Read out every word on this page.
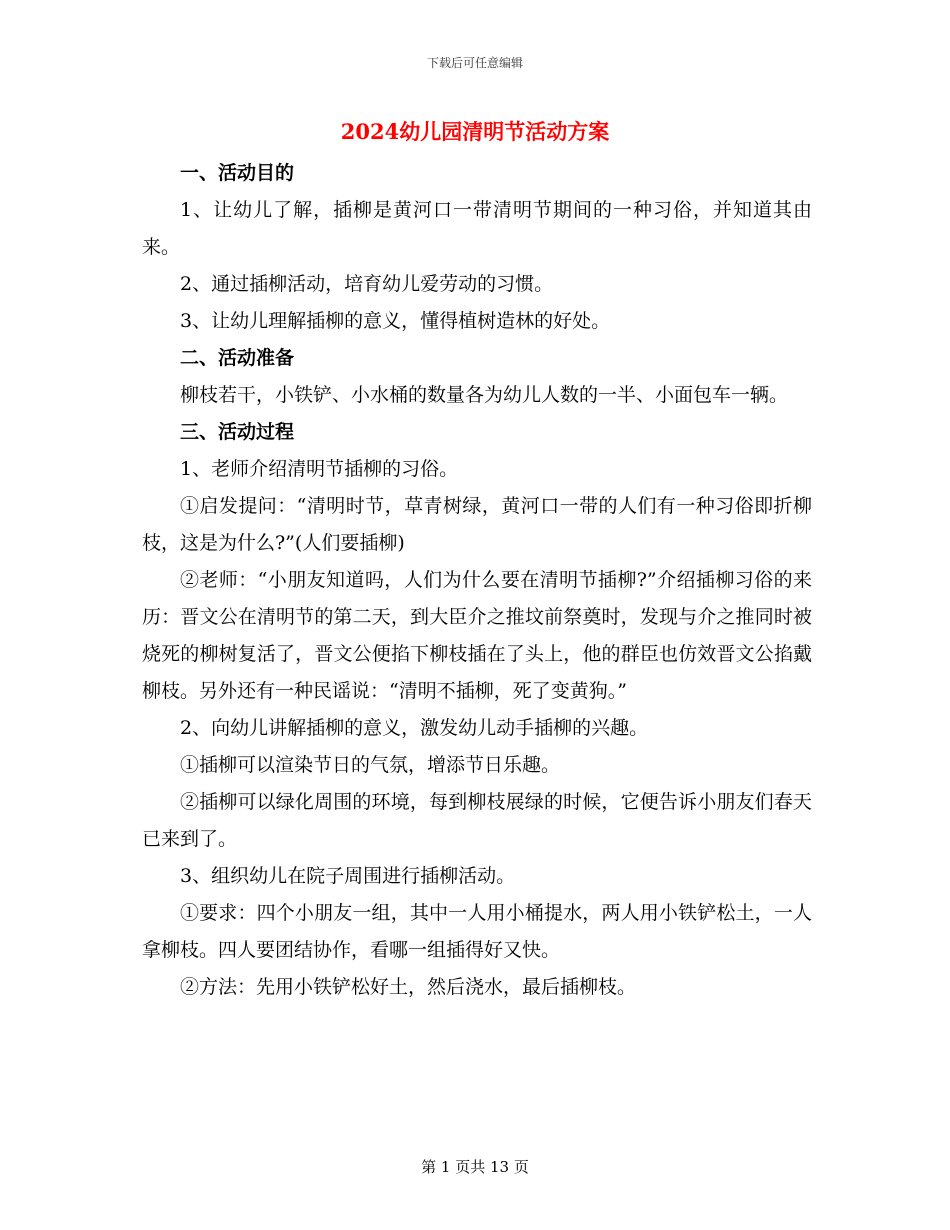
下载后可任意编辑
2024幼儿园清明节活动方案

一、活动目的

1、让幼儿了解，插柳是黄河口一带清明节期间的一种习俗，并知道其由来。

2、通过插柳活动，培育幼儿爱劳动的习惯。

3、让幼儿理解插柳的意义，懂得植树造林的好处。

二、活动准备

柳枝若干，小铁铲、小水桶的数量各为幼儿人数的一半、小面包车一辆。

三、活动过程

1、老师介绍清明节插柳的习俗。

①启发提问：“清明时节，草青树绿，黄河口一带的人们有一种习俗即折柳枝，这是为什么?”(人们要插柳)

②老师：“小朋友知道吗，人们为什么要在清明节插柳?”介绍插柳习俗的来历：晋文公在清明节的第二天，到大臣介之推坟前祭奠时，发现与介之推同时被烧死的柳树复活了，晋文公便掐下柳枝插在了头上，他的群臣也仿效晋文公掐戴柳枝。另外还有一种民谣说：“清明不插柳，死了变黄狗。”

2、向幼儿讲解插柳的意义，激发幼儿动手插柳的兴趣。

①插柳可以渲染节日的气氛，增添节日乐趣。

②插柳可以绿化周围的环境，每到柳枝展绿的时候，它便告诉小朋友们春天已来到了。

3、组织幼儿在院子周围进行插柳活动。

①要求：四个小朋友一组，其中一人用小桶提水，两人用小铁铲松土，一人拿柳枝。四人要团结协作，看哪一组插得好又快。

②方法：先用小铁铲松好土，然后浇水，最后插柳枝。

第 1 页共 13 页
